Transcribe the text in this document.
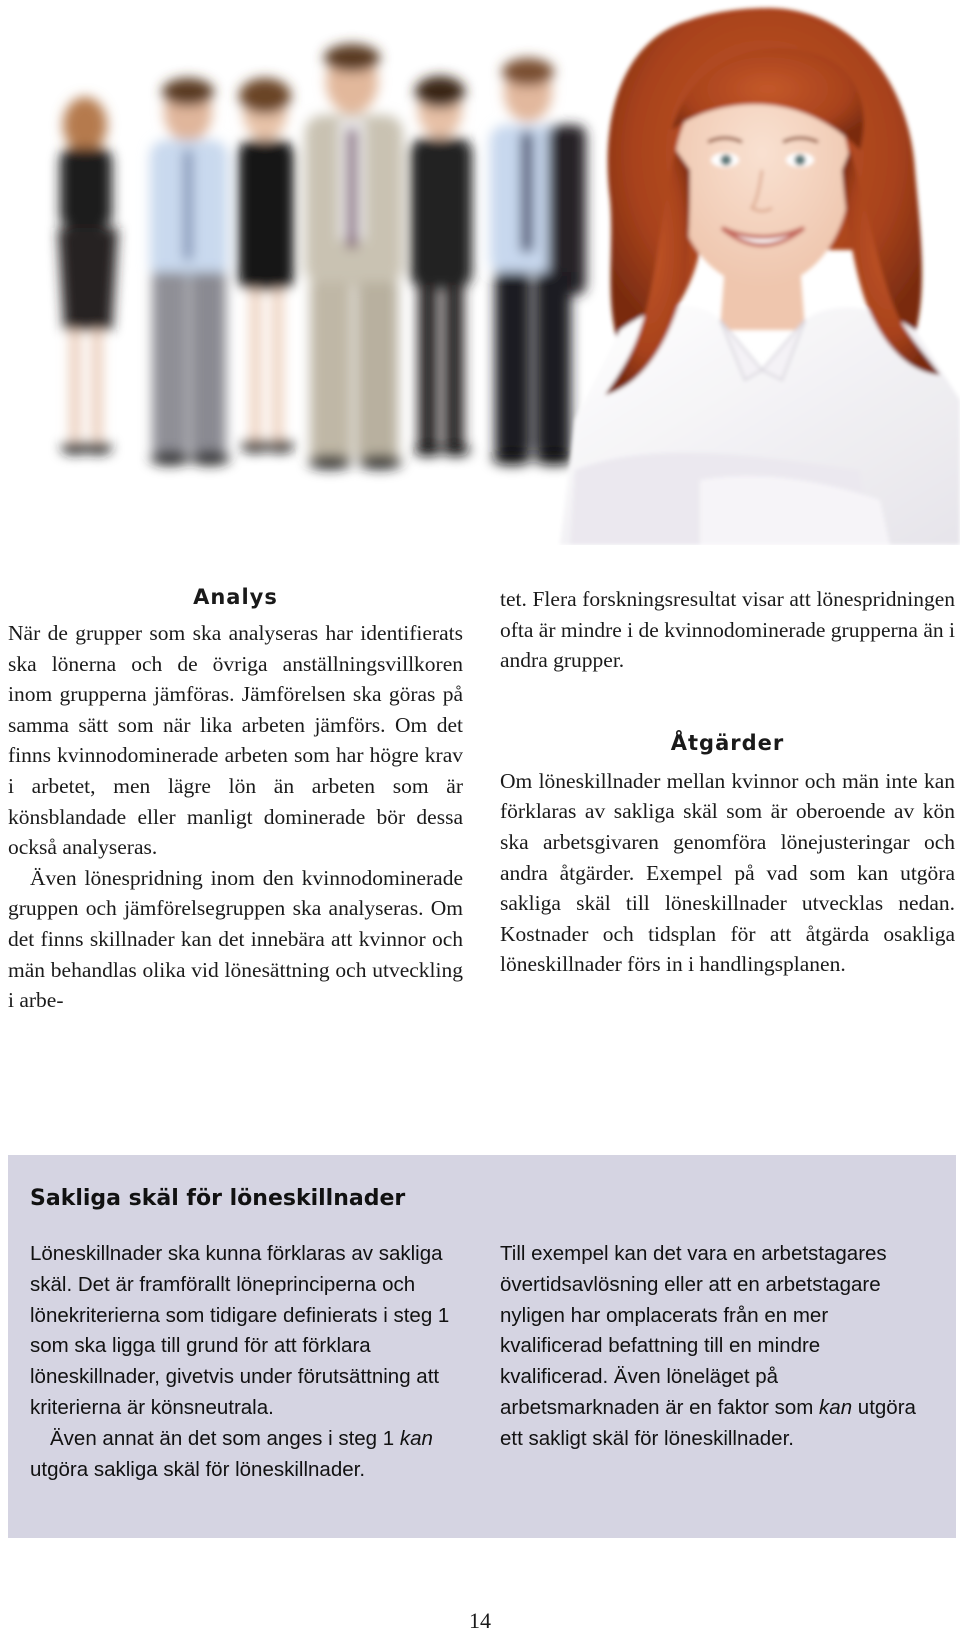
Analys

När de grupper som ska analyseras har identifierats ska lönerna och de övriga anställningsvillkoren inom grupperna jämföras. Jämförelsen ska göras på samma sätt som när lika arbeten jämförs. Om det finns kvinnodominerade arbeten som har högre krav i arbetet, men lägre lön än arbeten som är könsblandade eller manligt dominerade bör dessa också analyseras.

Även lönespridning inom den kvinnodominerade gruppen och jämförelsegruppen ska analyseras. Om det finns skillnader kan det innebära att kvinnor och män behandlas olika vid lönesättning och utveckling i arbe-

tet. Flera forskningsresultat visar att lönespridningen ofta är mindre i de kvinnodominerade grupperna än i andra grupper.

Åtgärder

Om löneskillnader mellan kvinnor och män inte kan förklaras av sakliga skäl som är oberoende av kön ska arbetsgivaren genomföra lönejusteringar och andra åtgärder. Exempel på vad som kan utgöra sakliga skäl till löneskillnader utvecklas nedan. Kostnader och tidsplan för att åtgärda osakliga löneskillnader förs in i handlingsplanen.

Sakliga skäl för löneskillnader

Löneskillnader ska kunna förklaras av sakliga skäl. Det är framförallt löneprinciperna och lönekriterierna som tidigare definierats i steg 1 som ska ligga till grund för att förklara löneskillnader, givetvis under förutsättning att kriterierna är könsneutrala.

Även annat än det som anges i steg 1 kan utgöra sakliga skäl för löneskillnader.

Till exempel kan det vara en arbetstagares övertidsavlösning eller att en arbetstagare nyligen har omplacerats från en mer kvalificerad befattning till en mindre kvalificerad. Även löneläget på arbetsmarknaden är en faktor som kan utgöra ett sakligt skäl för löneskillnader.

14
